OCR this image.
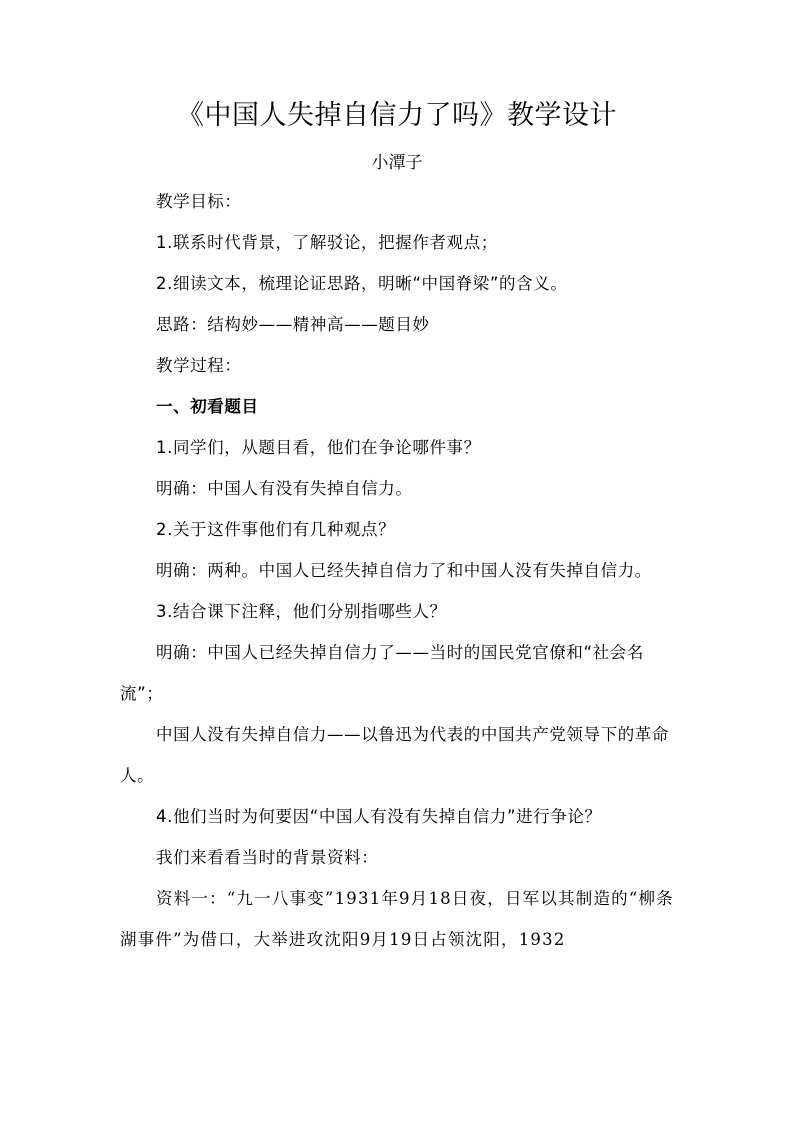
《中国人失掉自信力了吗》教学设计
小潭子

教学目标：

1.联系时代背景，了解驳论，把握作者观点；

2.细读文本，梳理论证思路，明晰“中国脊梁”的含义。

思路：结构妙——精神高——题目妙

教学过程：

一、初看题目

1.同学们，从题目看，他们在争论哪件事？

明确：中国人有没有失掉自信力。

2.关于这件事他们有几种观点？

明确：两种。中国人已经失掉自信力了和中国人没有失掉自信力。

3.结合课下注释，他们分别指哪些人？

明确：中国人已经失掉自信力了——当时的国民党官僚和“社会名流”；

中国人没有失掉自信力——以鲁迅为代表的中国共产党领导下的革命人。

4.他们当时为何要因“中国人有没有失掉自信力”进行争论？

我们来看看当时的背景资料：

资料一：“九一八事变”1931年9月18日夜，日军以其制造的“柳条湖事件”为借口，大举进攻沈阳9月19日占领沈阳，1932
